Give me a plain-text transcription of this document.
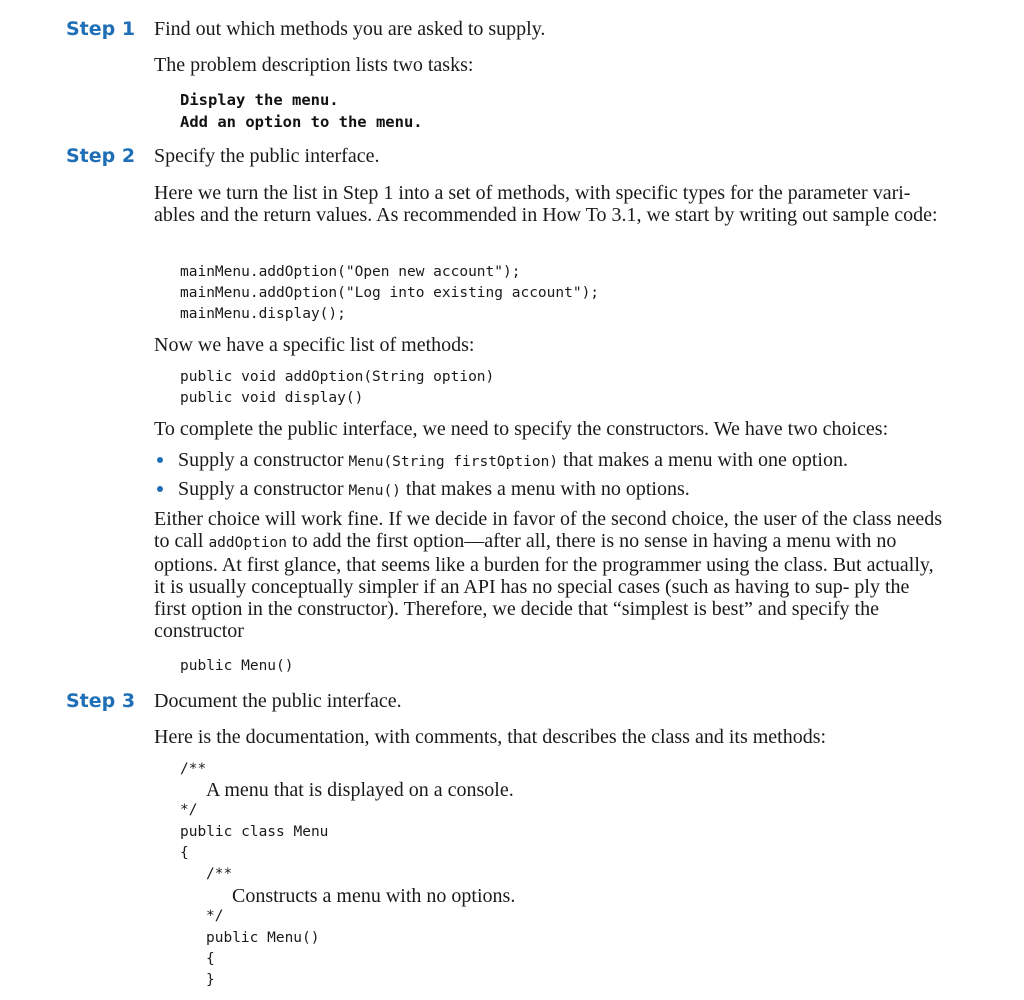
Step 1 Find out which methods you are asked to supply.
The problem description lists two tasks:
Display the menu.
Add an option to the menu.
Step 2 Specify the public interface.
Here we turn the list in Step 1 into a set of methods, with specific types for the parameter vari- ables and the return values. As recommended in How To 3.1, we start by writing out sample code:
mainMenu.addOption("Open new account");
mainMenu.addOption("Log into existing account");
mainMenu.display();
Now we have a specific list of methods:
public void addOption(String option)
public void display()
To complete the public interface, we need to specify the constructors. We have two choices:
Supply a constructor Menu(String firstOption) that makes a menu with one option.
Supply a constructor Menu() that makes a menu with no options.
Either choice will work fine. If we decide in favor of the second choice, the user of the class needs to call addOption to add the first option—after all, there is no sense in having a menu with no options. At first glance, that seems like a burden for the programmer using the class. But actually, it is usually conceptually simpler if an API has no special cases (such as having to sup- ply the first option in the constructor). Therefore, we decide that “simplest is best” and specify the constructor
public Menu()
Step 3 Document the public interface.
Here is the documentation, with comments, that describes the class and its methods:
/**
A menu that is displayed on a console.
*/
public class Menu
{
/**
Constructs a menu with no options.
*/
public Menu()
{
}
